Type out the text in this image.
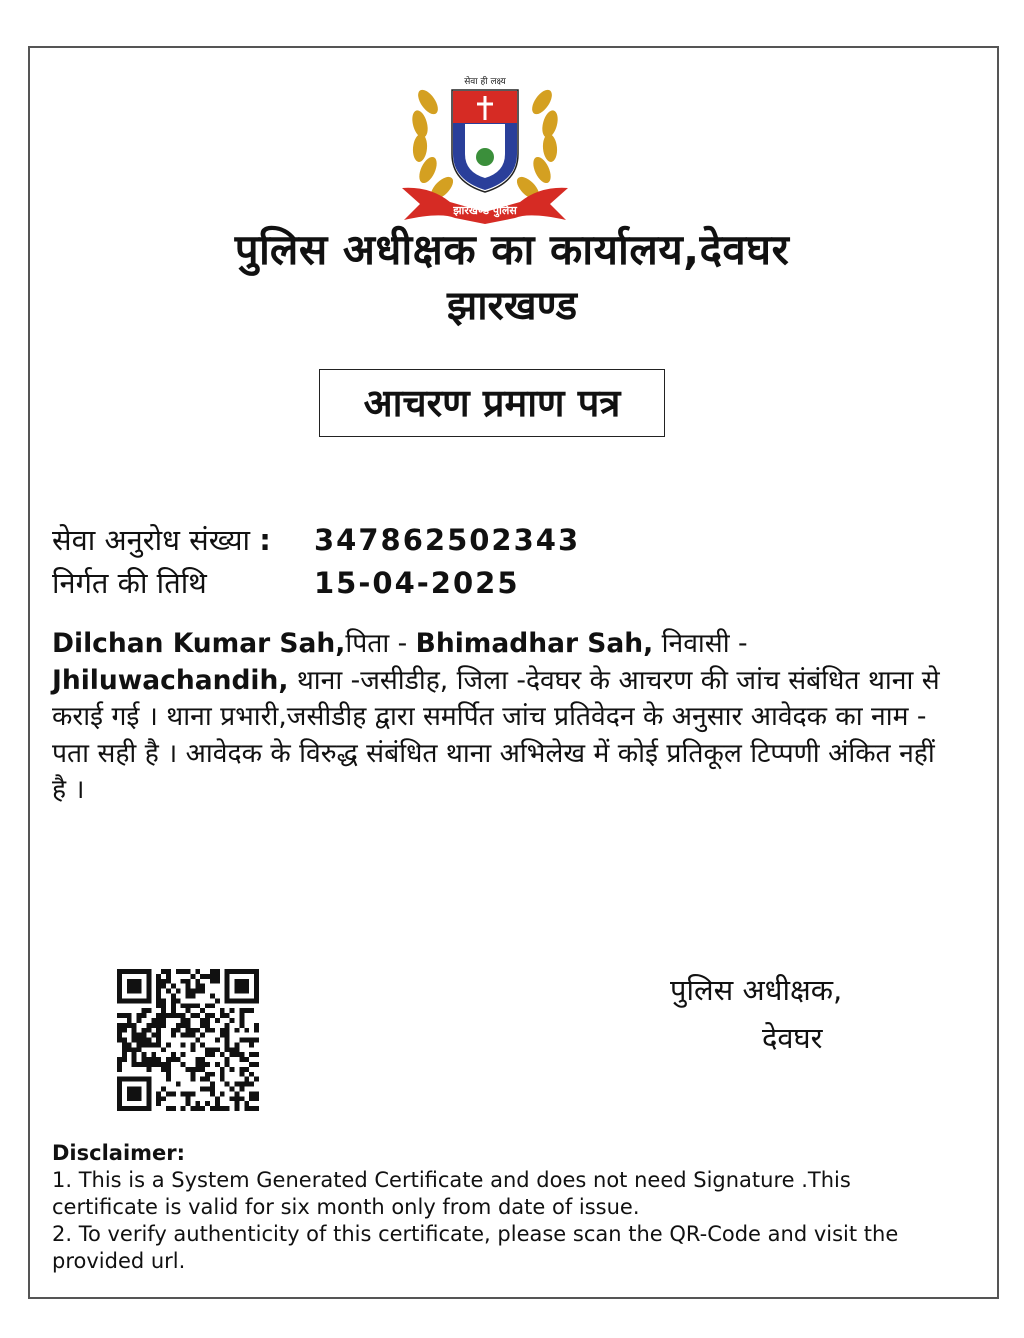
सेवा ही लक्ष्य
झारखण्ड पुलिस
पुलिस अधीक्षक का कार्यालय,देवघर
झारखण्ड
आचरण प्रमाण पत्र
सेवा अनुरोध संख्या : 347862502343
निर्गत की तिथि	15-04-2025
Dilchan Kumar Sah,पिता - Bhimadhar Sah, निवासी - Jhiluwachandih, थाना -जसीडीह, जिला -देवघर के आचरण की जांच संबंधित थाना से कराई गई । थाना प्रभारी,जसीडीह द्वारा समर्पित जांच प्रतिवेदन के अनुसार आवेदक का नाम - पता सही है । आवेदक के विरुद्ध संबंधित थाना अभिलेख में कोई प्रतिकूल टिप्पणी अंकित नहीं है ।
पुलिस अधीक्षक,
देवघर

Disclaimer:

1. This is a System Generated Certificate and does not need Signature .This certificate is valid for six month only from date of issue.

2. To verify authenticity of this certificate, please scan the QR-Code and visit the provided url.
